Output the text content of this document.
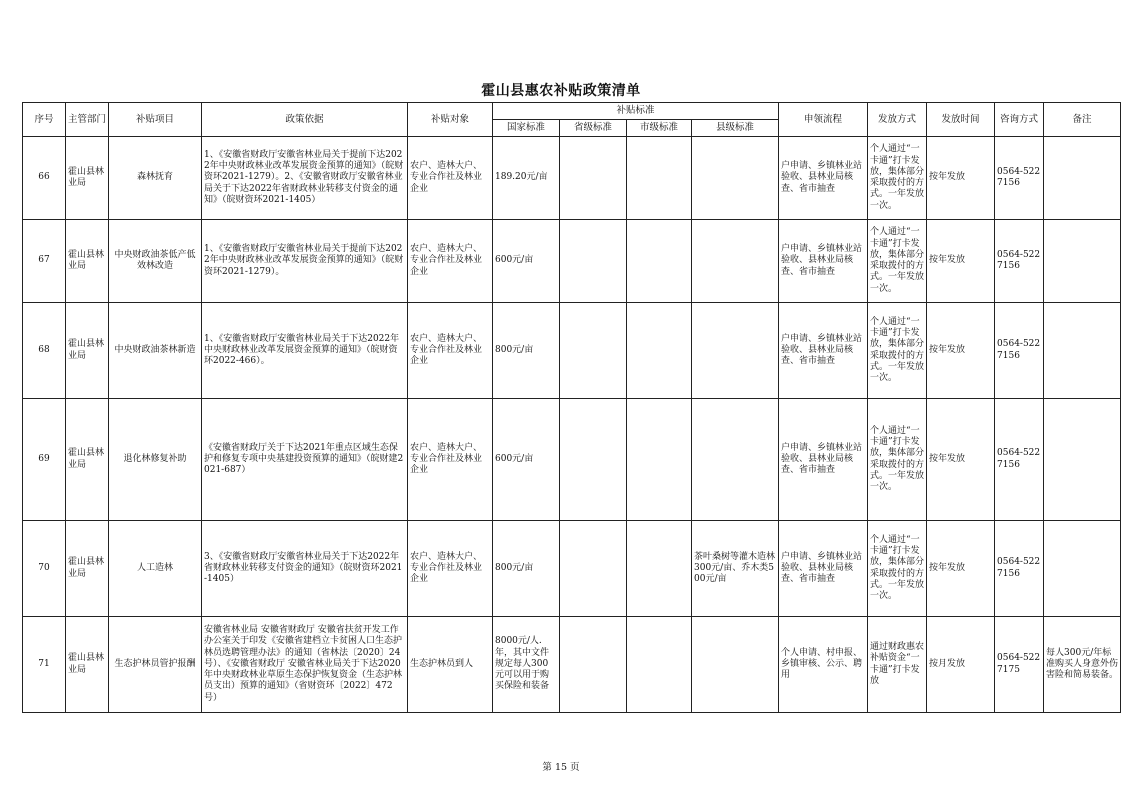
霍山县惠农补贴政策清单
序号	主管部门	补贴项目	政策依据	补贴对象	补贴标准				申领流程	发放方式	发放时间	咨询方式	备注
					国家标准	省级标准	市级标准	县级标准					
66	霍山县林业局	森林抚育	1、《安徽省财政厅安徽省林业局关于提前下达2022年中央财政林业改革发展资金预算的通知》（皖财资环2021-1279）。2、《安徽省财政厅安徽省林业局关于下达2022年省财政林业转移支付资金的通知》（皖财资环2021-1405）	农户、造林大户、专业合作社及林业企业	189.20元/亩				户申请、乡镇林业站验收、县林业局核查、省市抽查	个人通过“一卡通”打卡发放，集体部分采取拨付的方式。一年发放一次。	按年发放	0564-5227156	
67	霍山县林业局	中央财政油茶低产低效林改造	1、《安徽省财政厅安徽省林业局关于提前下达2022年中央财政林业改革发展资金预算的通知》（皖财资环2021-1279）。	农户、造林大户、专业合作社及林业企业	600元/亩				户申请、乡镇林业站验收、县林业局核查、省市抽查	个人通过“一卡通”打卡发放，集体部分采取拨付的方式。一年发放一次。	按年发放	0564-5227156	
68	霍山县林业局	中央财政油茶林新造	1、《安徽省财政厅安徽省林业局关于下达2022年中央财政林业改革发展资金预算的通知》（皖财资环2022-466）。	农户、造林大户、专业合作社及林业企业	800元/亩				户申请、乡镇林业站验收、县林业局核查、省市抽查	个人通过“一卡通”打卡发放，集体部分采取拨付的方式。一年发放一次。	按年发放	0564-5227156	
69	霍山县林业局	退化林修复补助	《安徽省财政厅关于下达2021年重点区域生态保护和修复专项中央基建投资预算的通知》（皖财建2021-687）	农户、造林大户、专业合作社及林业企业	600元/亩				户申请、乡镇林业站验收、县林业局核查、省市抽查	个人通过“一卡通”打卡发放，集体部分采取拨付的方式。一年发放一次。	按年发放	0564-5227156	
70	霍山县林业局	人工造林	3、《安徽省财政厅安徽省林业局关于下达2022年省财政林业转移支付资金的通知》（皖财资环2021-1405）	农户、造林大户、专业合作社及林业企业	800元/亩			茶叶桑树等灌木造林300元/亩、乔木类500元/亩	户申请、乡镇林业站验收、县林业局核查、省市抽查	个人通过“一卡通”打卡发放，集体部分采取拨付的方式。一年发放一次。	按年发放	0564-5227156	
71	霍山县林业局	生态护林员管护报酬	安徽省林业局 安徽省财政厅 安徽省扶贫开发工作办公室关于印发《安徽省建档立卡贫困人口生态护林员选聘管理办法》的通知（省林法〔2020〕24号）、《安徽省财政厅 安徽省林业局关于下达2020年中央财政林业草原生态保护恢复资金（生态护林员支出）预算的通知》（省财资环〔2022〕472号）	生态护林员到人	8000元/人.年，其中文件规定每人300元可以用于购买保险和装备				个人申请、村申报、乡镇审核、公示、聘用	通过财政惠农补贴资金“一卡通”打卡发放	按月发放	0564-5227175	每人300元/年标准购买人身意外伤害险和简易装备。
第 15 页
